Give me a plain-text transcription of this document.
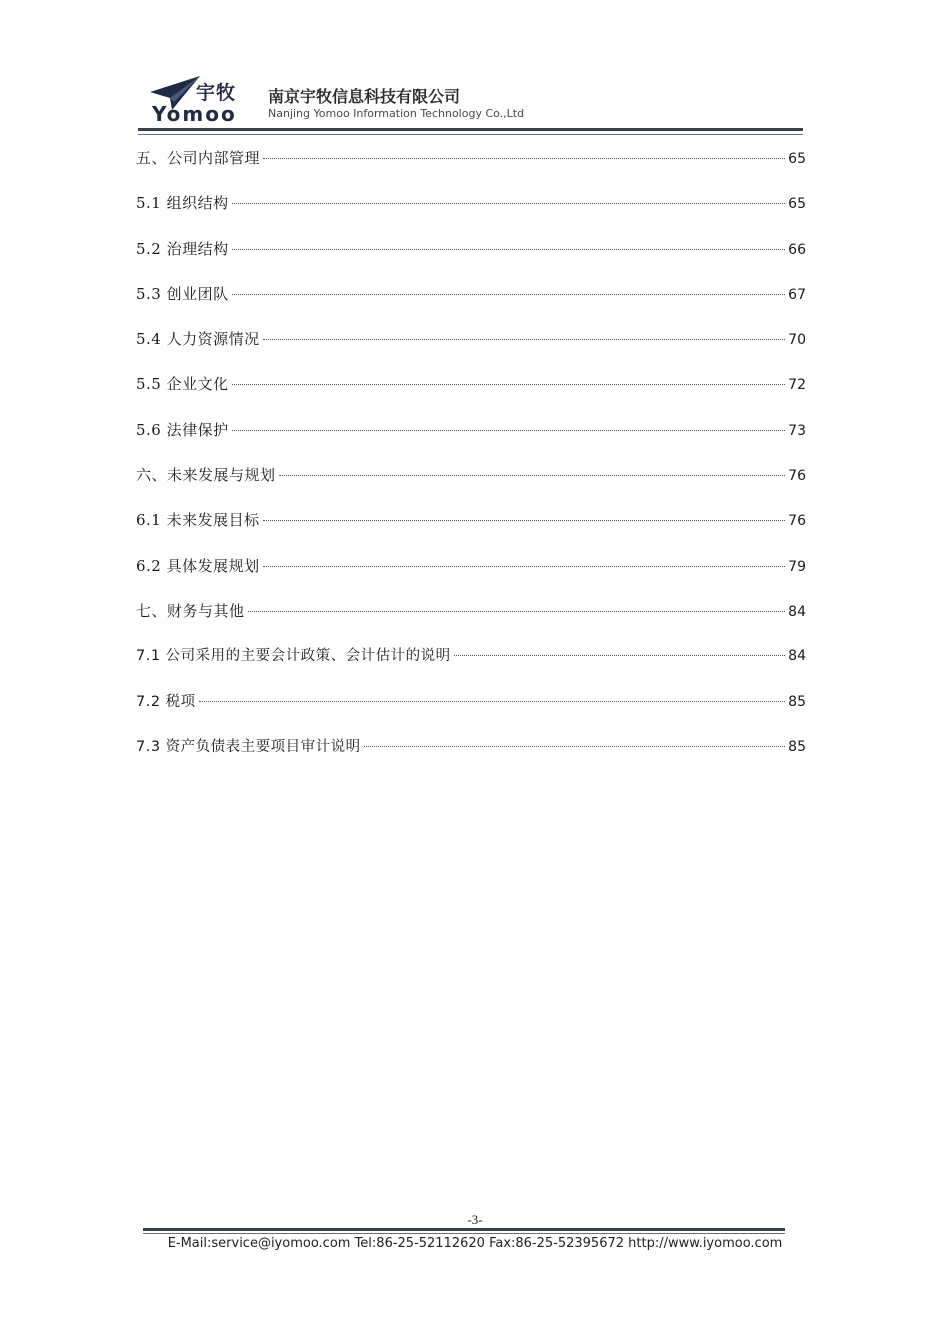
宇牧
Yomoo
南京宇牧信息科技有限公司
Nanjing Yomoo Information Technology Co.,Ltd
五、公司内部管理	65
5.1 组织结构	65
5.2 治理结构	66
5.3 创业团队	67
5.4 人力资源情况	70
5.5 企业文化	72
5.6 法律保护	73
六、未来发展与规划	76
6.1 未来发展目标	76
6.2 具体发展规划	79
七、财务与其他	84
7.1 公司采用的主要会计政策、会计估计的说明	84
7.2 税项	85
7.3 资产负债表主要项目审计说明	85
-3-
E-Mail:service@iyomoo.com Tel:86-25-52112620 Fax:86-25-52395672 http://www.iyomoo.com
